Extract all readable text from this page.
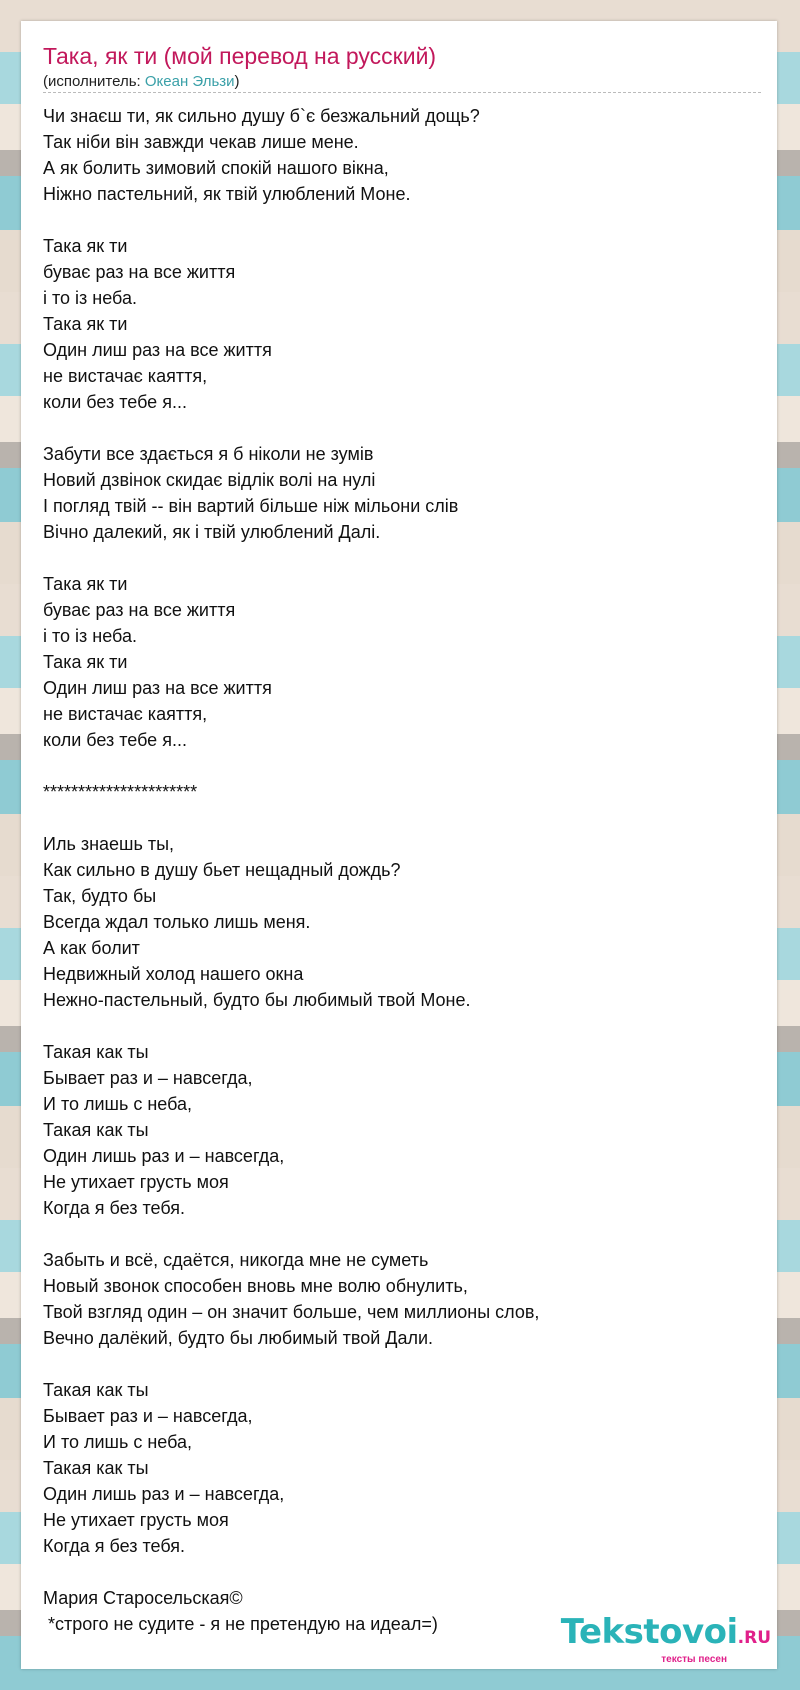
Така, як ти (мой перевод на русский)
(исполнитель: Океан Эльзи)
Чи знаєш ти, як сильно душу б`є безжальний дощь?
Так ніби він завжди чекав лише мене.
А як болить зимовий спокій нашого вікна,
Ніжно пастельний, як твій улюблений Моне.

Така як ти
буває раз на все життя
і то із неба.
Така як ти
Один лиш раз на все життя
не вистачає каяття,
коли без тебе я...

Забути все здається я б ніколи не зумів
Новий дзвінок скидає відлік волі на нулі
І погляд твій -- він вартий більше ніж мільони слів
Вічно далекий, як і твій улюблений Далі.

Така як ти
буває раз на все життя
і то із неба.
Така як ти
Один лиш раз на все життя
не вистачає каяття,
коли без тебе я...

**********************

Иль знаешь ты,
Как сильно в душу бьет нещадный дождь?
Так, будто бы
Всегда ждал только лишь меня.
А как болит
Недвижный холод нашего окна
Нежно-пастельный, будто бы любимый твой Моне.

Такая как ты
Бывает раз и – навсегда,
И то лишь с неба,
Такая как ты
Один лишь раз и – навсегда,
Не утихает грусть моя
Когда я без тебя.

Забыть и всё, сдаётся, никогда мне не суметь
Новый звонок способен вновь мне волю обнулить,
Твой взгляд один – он значит больше, чем миллионы слов,
Вечно далёкий, будто бы любимый твой Дали.

Такая как ты
Бывает раз и – навсегда,
И то лишь с неба,
Такая как ты
Один лишь раз и – навсегда,
Не утихает грусть моя
Когда я без тебя.

Мария Старосельская©
*строго не судите - я не претендую на идеал=)	Tekstovoi.RU
тексты песен
